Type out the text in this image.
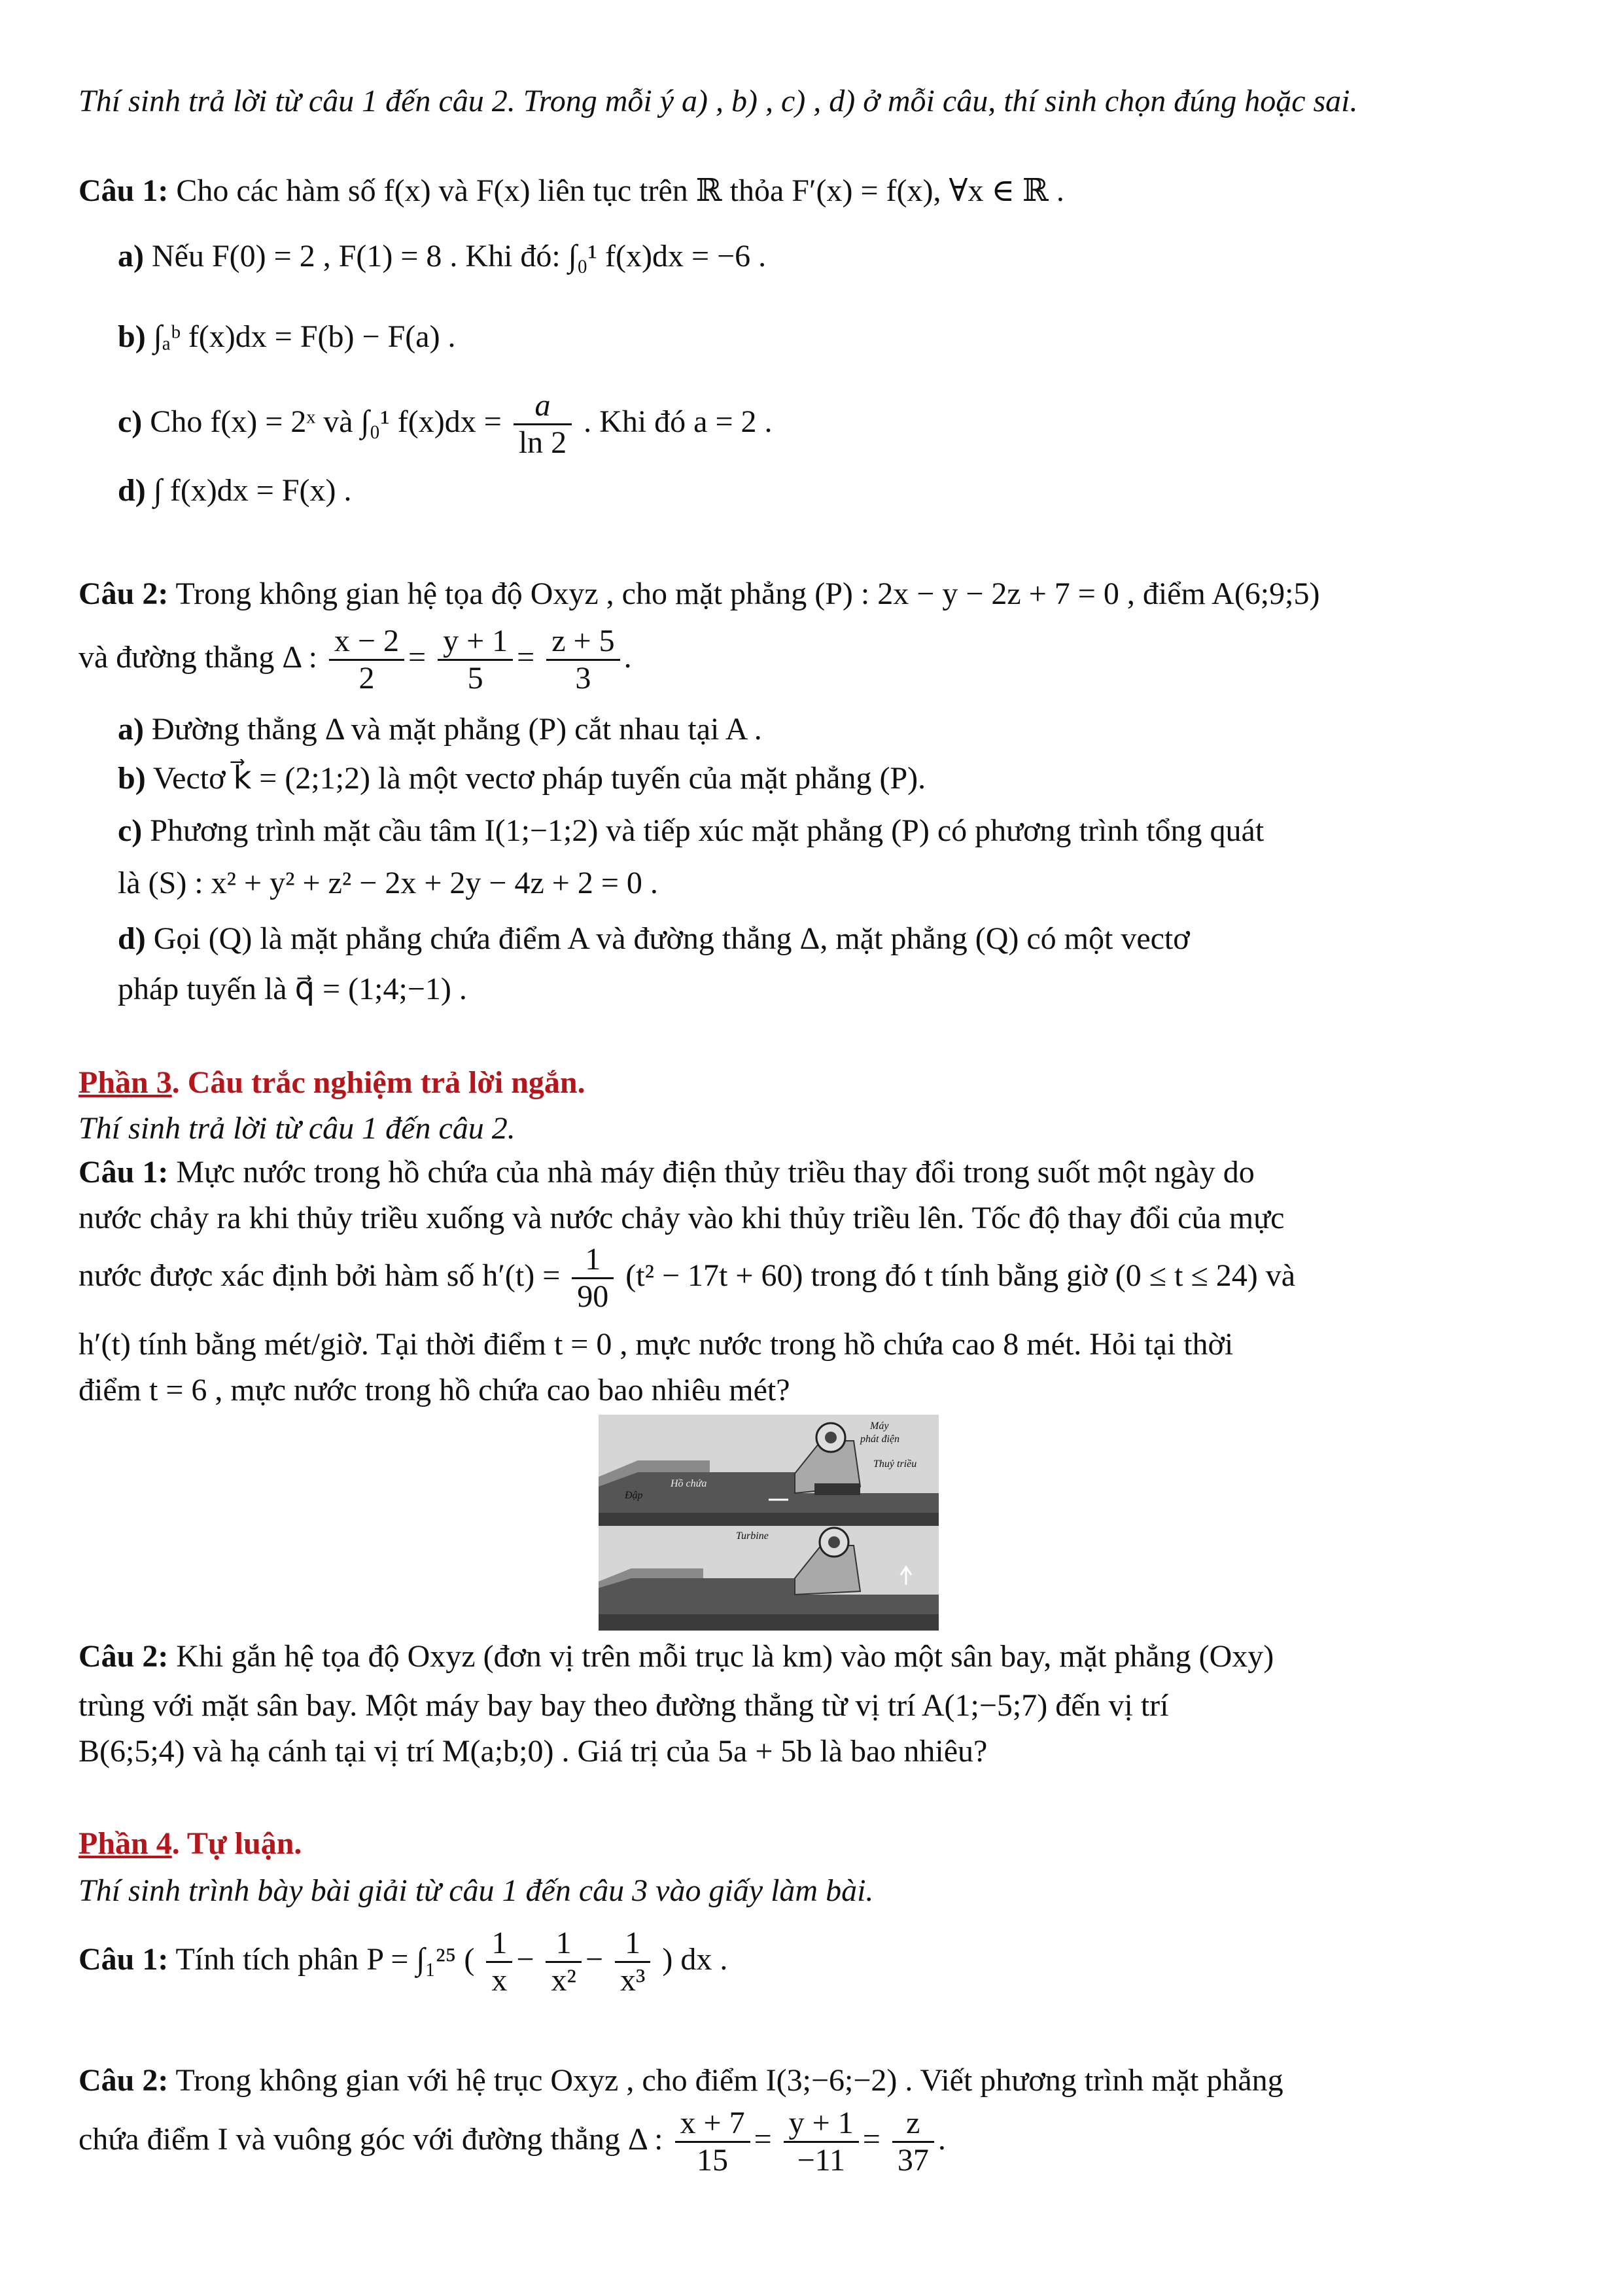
Thí sinh trả lời từ câu 1 đến câu 2. Trong mỗi ý a) , b) , c) , d) ở mỗi câu, thí sinh chọn đúng hoặc sai.
Câu 1: Cho các hàm số f(x) và F(x) liên tục trên ℝ thỏa F′(x) = f(x), ∀x ∈ ℝ .
a) Nếu F(0) = 2 , F(1) = 8 . Khi đó: ∫₀¹ f(x)dx = −6 .
b) ∫ₐᵇ f(x)dx = F(b) − F(a) .
c) Cho f(x) = 2ˣ và ∫₀¹ $f(x)dx = \frac{a}{\ln 2}$ . Khi đó a = 2 .
d) ∫ f(x)dx = F(x) .
Câu 2: Trong không gian hệ tọa độ Oxyz , cho mặt phẳng (P) : 2x − y − 2z + 7 = 0 , điểm A(6;9;5)
và đường thẳng Δ : $\frac{x - 2}{2} = \frac{y + 1}{5} = \frac{z + 5}{3}$ .
a) Đường thẳng Δ và mặt phẳng (P) cắt nhau tại A .
b) Vectơ k⃗ = (2;1;2) là một vectơ pháp tuyến của mặt phẳng (P).
c) Phương trình mặt cầu tâm I(1;−1;2) và tiếp xúc mặt phẳng (P) có phương trình tổng quát
là (S) : x² + y² + z² − 2x + 2y − 4z + 2 = 0 .
d) Gọi (Q) là mặt phẳng chứa điểm A và đường thẳng Δ, mặt phẳng (Q) có một vectơ
pháp tuyến là q⃗ = (1;4;−1) .
Phần 3. Câu trắc nghiệm trả lời ngắn.
Thí sinh trả lời từ câu 1 đến câu 2.
Câu 1: Mực nước trong hồ chứa của nhà máy điện thủy triều thay đổi trong suốt một ngày do
nước chảy ra khi thủy triều xuống và nước chảy vào khi thủy triều lên. Tốc độ thay đổi của mực
nước được xác định bởi hàm số $h'(t) = \frac{1}{90} (t^2 - 17t + 60)$ trong đó t tính bằng giờ (0 ≤ t ≤ 24) và
h′(t) tính bằng mét/giờ. Tại thời điểm t = 0 , mực nước trong hồ chứa cao 8 mét. Hỏi tại thời
điểm t = 6 , mực nước trong hồ chứa cao bao nhiêu mét?
Máy
phát điện
Thuỷ triều
Hồ chứa
Đập
Turbine
Câu 2: Khi gắn hệ tọa độ Oxyz (đơn vị trên mỗi trục là km) vào một sân bay, mặt phẳng (Oxy)
trùng với mặt sân bay. Một máy bay bay theo đường thẳng từ vị trí A(1;−5;7) đến vị trí
B(6;5;4) và hạ cánh tại vị trí M(a;b;0) . Giá trị của 5a + 5b là bao nhiêu?
Phần 4. Tự luận.
Thí sinh trình bày bài giải từ câu 1 đến câu 3 vào giấy làm bài.
Câu 1: Tính tích phân P = ∫₁²⁵ ( $\frac{1}{x} - \frac{1}{\text{x²}} - \frac{1}{\text{x³}}$ ) dx .
Câu 2: Trong không gian với hệ trục Oxyz , cho điểm I(3;−6;−2) . Viết phương trình mặt phẳng
chứa điểm I và vuông góc với đường thẳng Δ : $\frac{x + 7}{15} = \frac{y + 1}{-11} = \frac{z}{37}$ .
